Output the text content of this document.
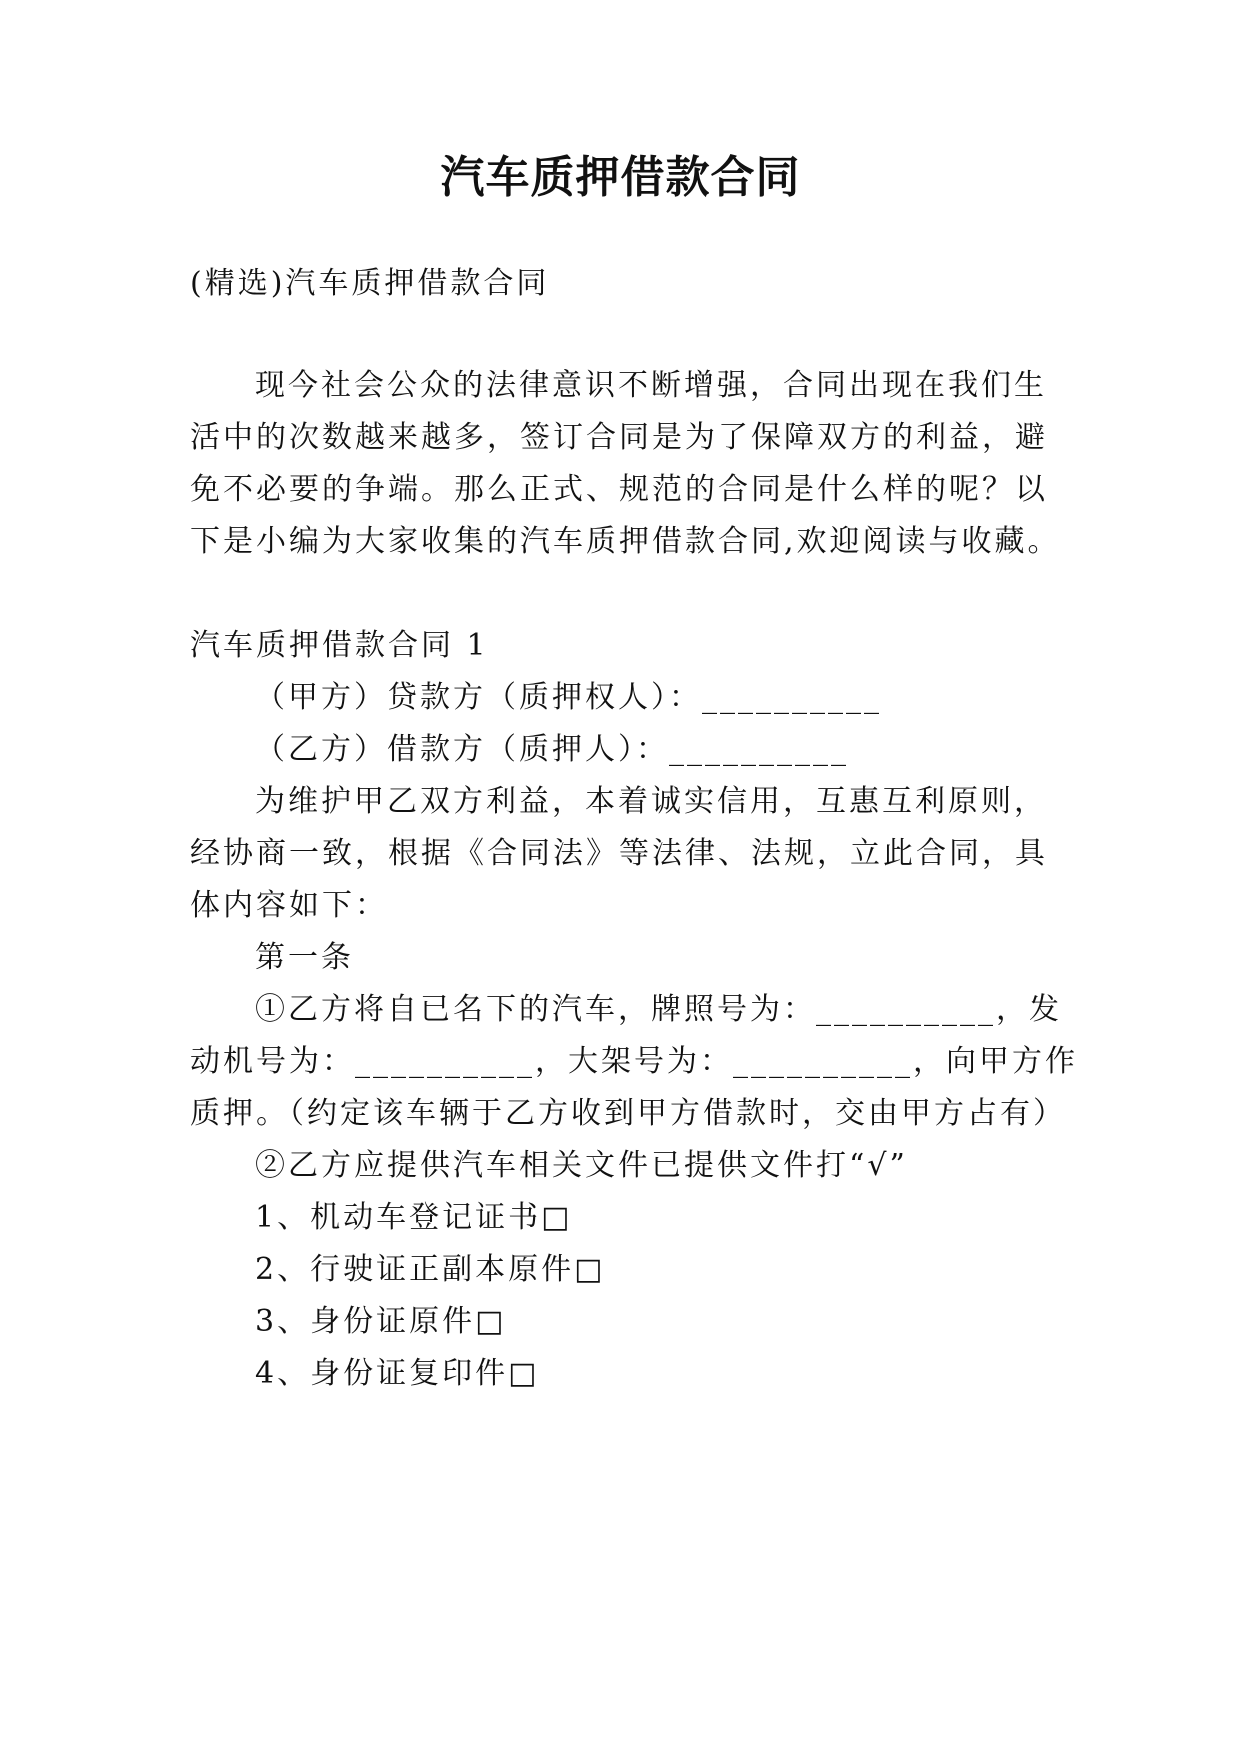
汽车质押借款合同
(精选)汽车质押借款合同
现今社会公众的法律意识不断增强，合同出现在我们生
活中的次数越来越多，签订合同是为了保障双方的利益，避
免不必要的争端。那么正式、规范的合同是什么样的呢？以
下是小编为大家收集的汽车质押借款合同,欢迎阅读与收藏。
汽车质押借款合同 1
（甲方）贷款方（质押权人）：__________
（乙方）借款方（质押人）：__________
为维护甲乙双方利益，本着诚实信用，互惠互利原则，
经协商一致，根据《合同法》等法律、法规，立此合同，具
体内容如下：
第一条
①乙方将自已名下的汽车，牌照号为：__________，发
动机号为：__________，大架号为：__________，向甲方作
质押。（约定该车辆于乙方收到甲方借款时，交由甲方占有）
②乙方应提供汽车相关文件已提供文件打“√”
1、机动车登记证书□
2、行驶证正副本原件□
3、身份证原件□
4、身份证复印件□
